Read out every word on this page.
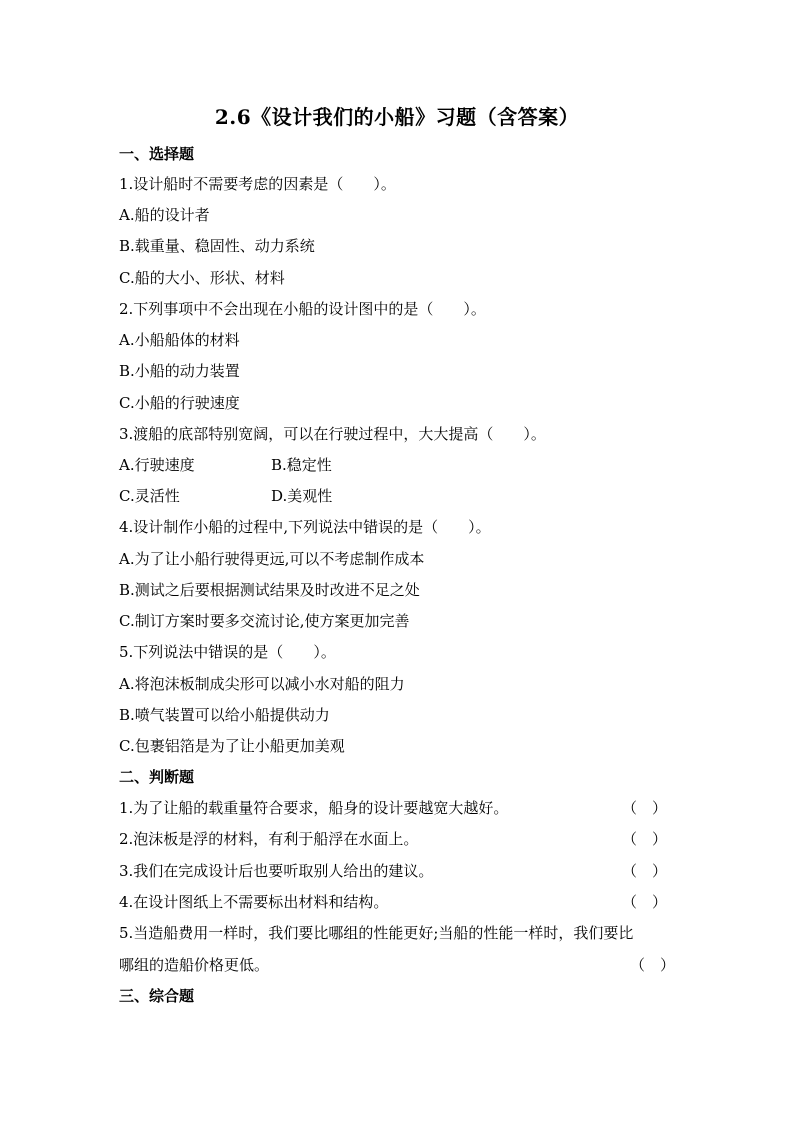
2.6《设计我们的小船》习题（含答案）
一、选择题
1.设计船时不需要考虑的因素是（　　）。
A.船的设计者
B.载重量、稳固性、动力系统
C.船的大小、形状、材料
2.下列事项中不会出现在小船的设计图中的是（　　）。
A.小船船体的材料
B.小船的动力装置
C.小船的行驶速度
3.渡船的底部特别宽阔，可以在行驶过程中，大大提高（　　）。
A.行驶速度	B.稳定性
C.灵活性	D.美观性
4.设计制作小船的过程中,下列说法中错误的是（　　）。
A.为了让小船行驶得更远,可以不考虑制作成本
B.测试之后要根据测试结果及时改进不足之处
C.制订方案时要多交流讨论,使方案更加完善
5.下列说法中错误的是（　　）。
A.将泡沫板制成尖形可以减小水对船的阻力
B.喷气装置可以给小船提供动力
C.包裹铝箔是为了让小船更加美观
二、判断题
1.为了让船的载重量符合要求，船身的设计要越宽大越好。	（　）
2.泡沫板是浮的材料，有利于船浮在水面上。	（　）
3.我们在完成设计后也要听取别人给出的建议。	（　）
4.在设计图纸上不需要标出材料和结构。	（　）
5.当造船费用一样时，我们要比哪组的性能更好;当船的性能一样时，我们要比
哪组的造船价格更低。	（　）
三、综合题
